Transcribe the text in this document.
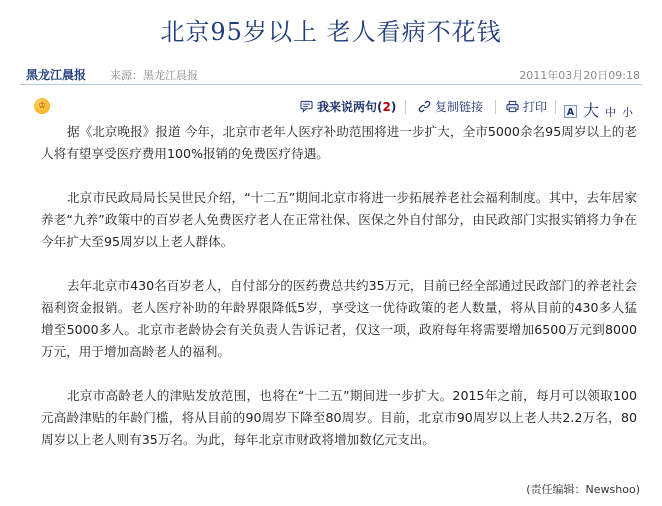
北京95岁以上 老人看病不花钱
黑龙江晨报 来源：黑龙江晨报	2011年03月20日09:18
♔	我来说两句(2)	复制链接	打印 A 大 中 小

据《北京晚报》报道 今年，北京市老年人医疗补助范围将进一步扩大，全市5000余名95周岁以上的老人将有望享受医疗费用100%报销的免费医疗待遇。

北京市民政局局长吴世民介绍，“十二五”期间北京市将进一步拓展养老社会福利制度。其中，去年居家养老“九养”政策中的百岁老人免费医疗老人在正常社保、医保之外自付部分，由民政部门实报实销将力争在今年扩大至95周岁以上老人群体。

去年北京市430名百岁老人，自付部分的医药费总共约35万元，目前已经全部通过民政部门的养老社会福利资金报销。老人医疗补助的年龄界限降低5岁，享受这一优待政策的老人数量，将从目前的430多人猛增至5000多人。北京市老龄协会有关负责人告诉记者，仅这一项，政府每年将需要增加6500万元到8000万元，用于增加高龄老人的福利。

北京市高龄老人的津贴发放范围，也将在“十二五”期间进一步扩大。2015年之前，每月可以领取100元高龄津贴的年龄门槛，将从目前的90周岁下降至80周岁。目前，北京市90周岁以上老人共2.2万名，80周岁以上老人则有35万名。为此，每年北京市财政将增加数亿元支出。

(责任编辑：Newshoo)
